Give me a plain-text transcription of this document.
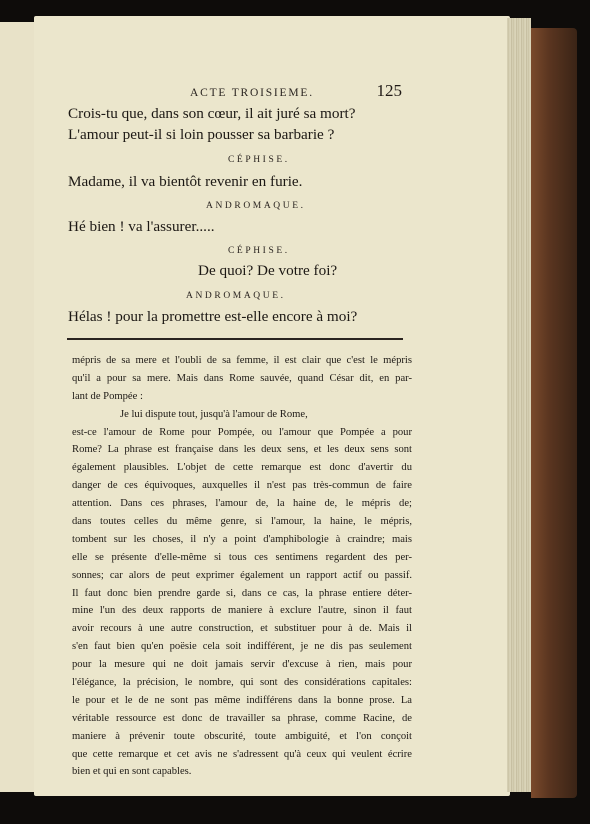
ACTE TROISIEME.	125
Crois-tu que, dans son cœur, il ait juré sa mort?
L'amour peut-il si loin pousser sa barbarie ?
CÉPHISE.
Madame, il va bientôt revenir en furie.
ANDROMAQUE.
Hé bien ! va l'assurer.....
CÉPHISE.
De quoi? De votre foi?
ANDROMAQUE.
Hélas ! pour la promettre est-elle encore à moi?
mépris de sa mere et l'oubli de sa femme, il est clair que c'est le mépris
qu'il a pour sa mere. Mais dans Rome sauvée, quand César dit, en par-
lant de Pompée :
Je lui dispute tout, jusqu'à l'amour de Rome,
est-ce l'amour de Rome pour Pompée, ou l'amour que Pompée a pour
Rome? La phrase est française dans les deux sens, et les deux sens sont
également plausibles. L'objet de cette remarque est donc d'avertir du
danger de ces équivoques, auxquelles il n'est pas très-commun de faire
attention. Dans ces phrases, l'amour de, la haine de, le mépris de;
dans toutes celles du même genre, si l'amour, la haine, le mépris,
tombent sur les choses, il n'y a point d'amphibologie à craindre; mais
elle se présente d'elle-même si tous ces sentimens regardent des per-
sonnes; car alors de peut exprimer également un rapport actif ou passif.
Il faut donc bien prendre garde si, dans ce cas, la phrase entiere déter-
mine l'un des deux rapports de maniere à exclure l'autre, sinon il faut
avoir recours à une autre construction, et substituer pour à de. Mais il
s'en faut bien qu'en poësie cela soit indifférent, je ne dis pas seulement
pour la mesure qui ne doit jamais servir d'excuse à rien, mais pour
l'élégance, la précision, le nombre, qui sont des considérations capitales:
le pour et le de ne sont pas même indifférens dans la bonne prose. La
véritable ressource est donc de travailler sa phrase, comme Racine, de
maniere à prévenir toute obscurité, toute ambiguité, et l'on conçoit
que cette remarque et cet avis ne s'adressent qu'à ceux qui veulent écrire
bien et qui en sont capables.
